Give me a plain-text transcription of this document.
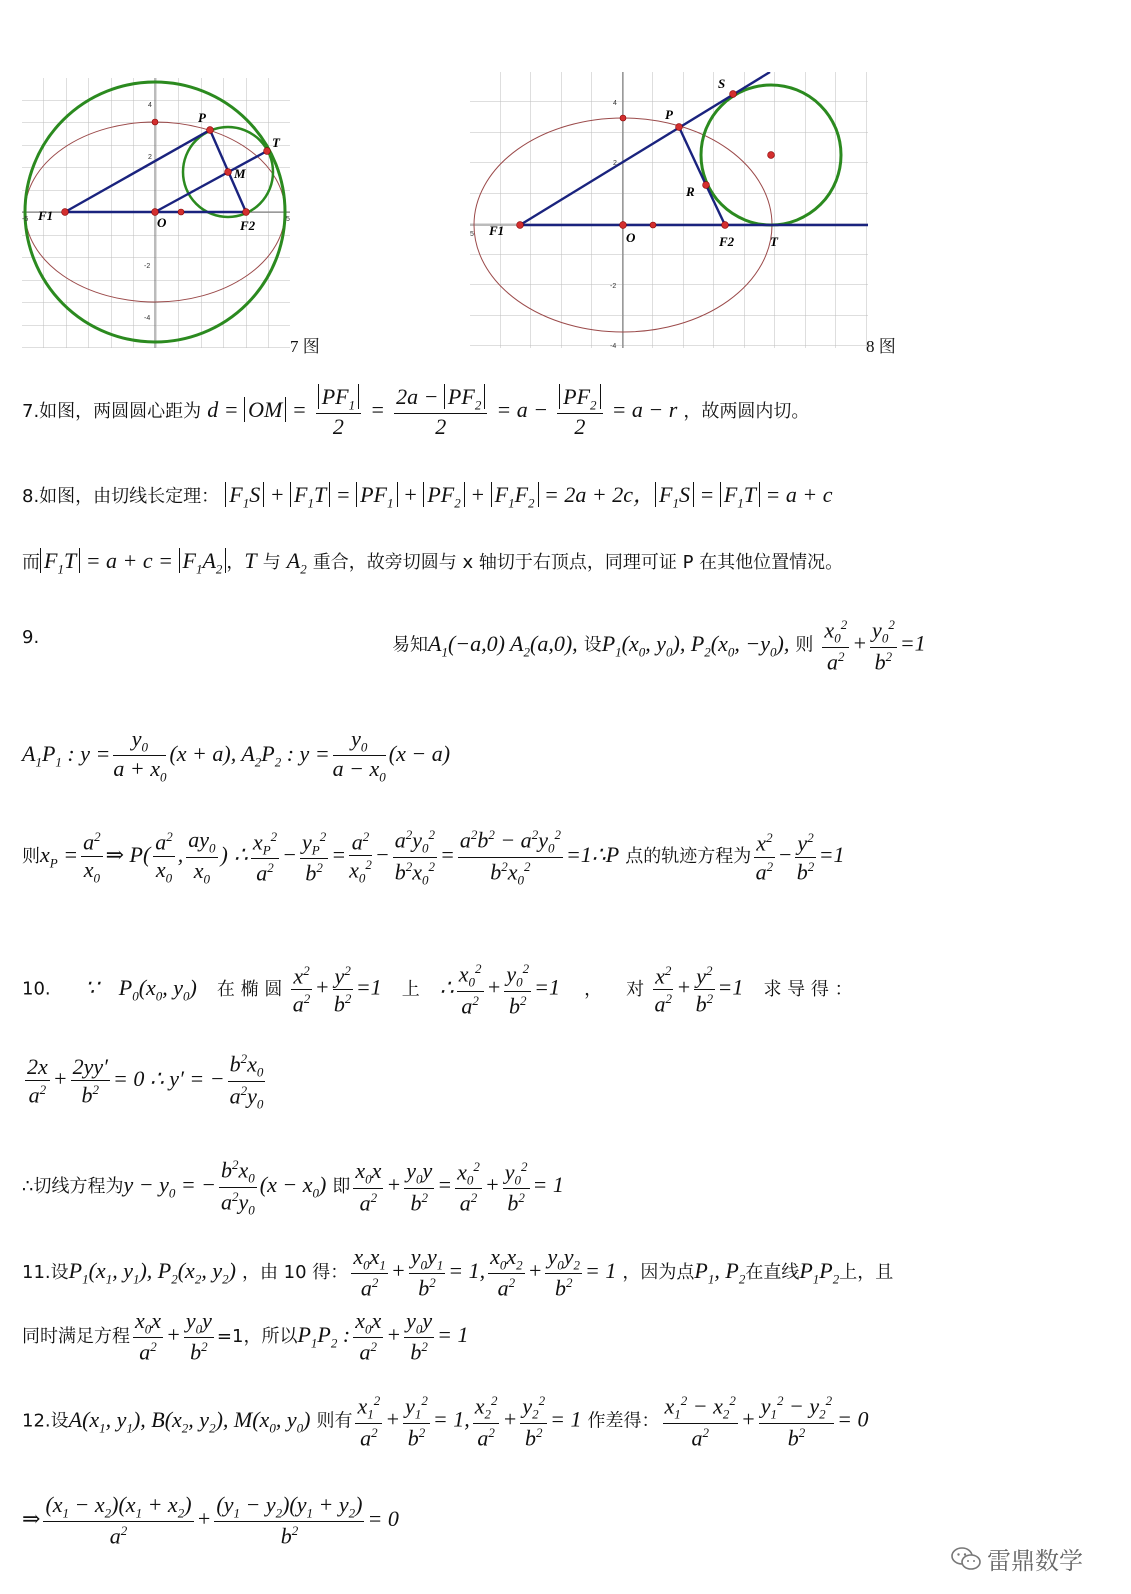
P
T
M
F1
F2
O
4
2
-2
-4
5
-5
7 图
S
P
R
F1	O	F2	T
4
2
-2
-4
5
8 图
7.如图，两圆圆心距为 d = OM = $\frac{PF_1}{2} = \frac{2a - PF_2}{2} = a - \frac{PF_2}{2} = a - r$ ，故两圆内切。
8.如图，由切线长定理： $F_1S + F_1T = PF_1 + PF_2 + F_1F_2 = 2a + 2c$， $F_1S = F_1T = a + c$
而 $F_1T = a + c = F_1A_2$ ，T 与 $A_2$ 重合，故旁切圆与 x 轴切于右顶点，同理可证 P 在其他位置情况。
9.	易知$A_1(-a,0)$ $A_2(a,0)$, 设$P_1(x_0$, $y_0$), $P_2(x_0$, $-y_0$), 则 $\frac{x_0^2}{a^2} + \frac{y_0^2}{b^2} =1$
$A_1P_1$ : $y = \frac{y_0}{a + x_0} (x + a)$, $A_2P_2$ : $y = \frac{y_0}{a - x_0} (x - a)$
则$x_P = \frac{a^2}{x_0}$ ⇒ $P( \frac{a^2}{x_0}$ , $\frac{ay_0}{x_0}$ ) ∴ $\frac{x_P^2}{a^2} - \frac{y_P^2}{b^2} = \frac{a^2}{x_0^2} - \frac{a^2y_0^2}{b^2x_0^2} = \frac{a^2b^2 - a^2y_0^2}{b^2x_0^2}$ =1∴P 点的轨迹方程为 $\frac{x^2}{a^2} - \frac{y^2}{b^2} =1$
10. ∵ $P_0(x_0$, $y_0$) 在 椭 圆 $\frac{x^2}{a^2} + \frac{y^2}{b^2} =1$ 上 ∴ $\frac{x_0^2}{a^2} + \frac{y_0^2}{b^2} =1$ ， 对 $\frac{x^2}{a^2} + \frac{y^2}{b^2} =1$ 求 导 得 ：
$\frac{2x}{a^2} + \frac{2yy'}{b^2} = 0$ ∴ y′ = − $\frac{b^2x_0}{a^2y_0}$
∴切线方程为$y - y_0$ = − $\frac{b^2x_0}{a^2y_0} (x - x_0)$ 即 $\frac{x_0x}{a^2} + \frac{y_0y}{b^2} = \frac{x_0^2}{a^2} + \frac{y_0^2}{b^2} = 1$
11.设$P_1(x_1$, $y_1$), $P_2(x_2$, $y_2$) ，由 10 得： $\frac{x_0x_1}{a^2} + \frac{y_0y_1}{b^2} = 1$, $\frac{x_0x_2}{a^2} + \frac{y_0y_2}{b^2} = 1$ ，因为点$P_1$, $P_2$在直线$P_1P_2$上，且
同时满足方程 $\frac{x_0x}{a^2} + \frac{y_0y}{b^2} =1$，所以$P_1P_2$ : $\frac{x_0x}{a^2} + \frac{y_0y}{b^2} = 1$
12.设$A(x_1$, $y_1$), $B(x_2$, $y_2$), $M(x_0$, $y_0$) 则有 $\frac{x_1^2}{a^2} + \frac{y_1^2}{b^2} = 1$, $\frac{x_2^2}{a^2} + \frac{y_2^2}{b^2} = 1$ 作差得： $\frac{x_1^2 - x_2^2}{a^2} + \frac{y_1^2 - y_2^2}{b^2} = 0$
⇒ $\frac{(x_1 - x_2)(x_1 + x_2)}{a^2} + \frac{(y_1 - y_2)(y_1 + y_2)}{b^2} = 0$
雷鼎数学
